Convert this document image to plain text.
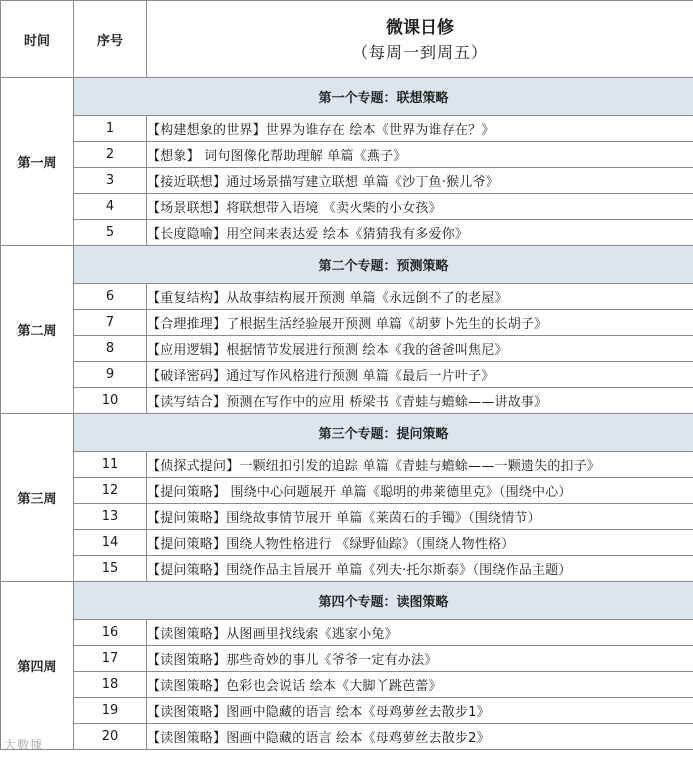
时间	序号	微课日修
（每周一到周五）

第一周	第一个专题：联想策略	
	1	【构建想象的世界】世界为谁存在 绘本《世界为谁存在？》
	2	【想象】 词句图像化帮助理解 单篇《燕子》
	3	【接近联想】通过场景描写建立联想 单篇《沙丁鱼·猴儿爷》
	4	【场景联想】将联想带入语境 《卖火柴的小女孩》
	5	【长度隐喻】用空间来表达爱 绘本《猜猜我有多爱你》
第二周	第二个专题：预测策略	
	6	【重复结构】从故事结构展开预测 单篇《永远倒不了的老屋》
	7	【合理推理】了根据生活经验展开预测 单篇《胡萝卜先生的长胡子》
	8	【应用逻辑】根据情节发展进行预测 绘本《我的爸爸叫焦尼》
	9	【破译密码】通过写作风格进行预测 单篇《最后一片叶子》
	10	【读写结合】预测在写作中的应用 桥梁书《青蛙与蟾蜍——讲故事》
第三周	第三个专题：提问策略	
	11	【侦探式提问】一颗纽扣引发的追踪 单篇《青蛙与蟾蜍——一颗遗失的扣子》
	12	【提问策略】 围绕中心问题展开 单篇《聪明的弗莱德里克》（围绕中心）
	13	【提问策略】围绕故事情节展开 单篇《莱茵石的手镯》（围绕情节）
	14	【提问策略】围绕人物性格进行 《绿野仙踪》（围绕人物性格）
	15	【提问策略】围绕作品主旨展开 单篇《列夫·托尔斯泰》（围绕作品主题）
第四周	第四个专题：读图策略	
	16	【读图策略】从图画里找线索《逃家小兔》
	17	【读图策略】那些奇妙的事儿《爷爷一定有办法》
	18	【读图策略】色彩也会说话 绘本《大脚丫跳芭蕾》
	19	【读图策略】图画中隐藏的语言 绘本《母鸡萝丝去散步1》
	20	【读图策略】图画中隐藏的语言 绘本《母鸡萝丝去散步2》
大數據
